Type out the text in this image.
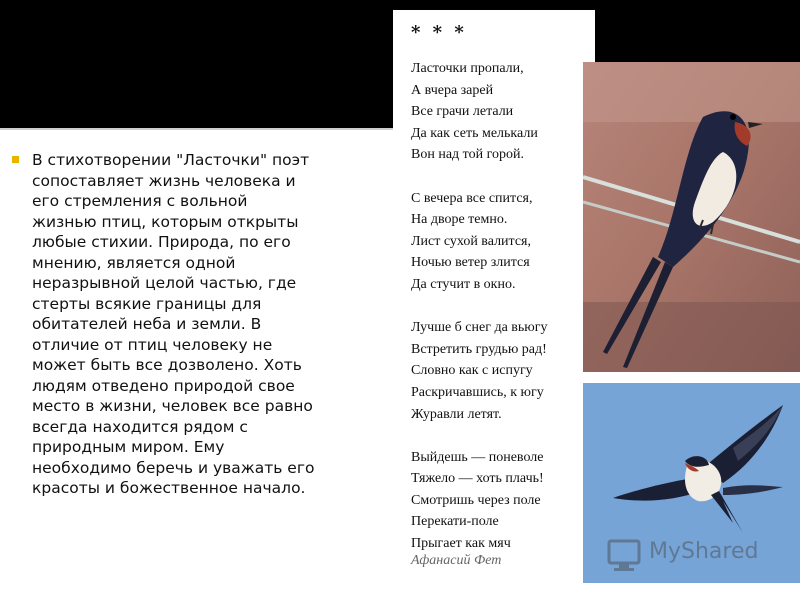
В стихотворении "Ласточки" поэт
сопоставляет жизнь человека и
его стремления с вольной
жизнью птиц, которым открыты
любые стихии. Природа, по его
мнению, является одной
неразрывной целой частью, где
стерты всякие границы для
обитателей неба и земли. В
отличие от птиц человеку не
может быть все дозволено. Хоть
людям отведено природой свое
место в жизни, человек все равно
всегда находится рядом с
природным миром. Ему
необходимо беречь и уважать его
красоты и божественное начало.

* * *

Ласточки пропали,
А вчера зарей
Все грачи летали
Да как сеть мелькали
Вон над той горой.

С вечера все спится,
На дворе темно.
Лист сухой валится,
Ночью ветер злится
Да стучит в окно.

Лучше б снег да вьюгу
Встретить грудью рад!
Словно как с испугу
Раскричавшись, к югу
Журавли летят.

Выйдешь — поневоле
Тяжело — хоть плачь!
Смотришь через поле
Перекати-поле
Прыгает как мяч

Афанасий Фет	MyShared
